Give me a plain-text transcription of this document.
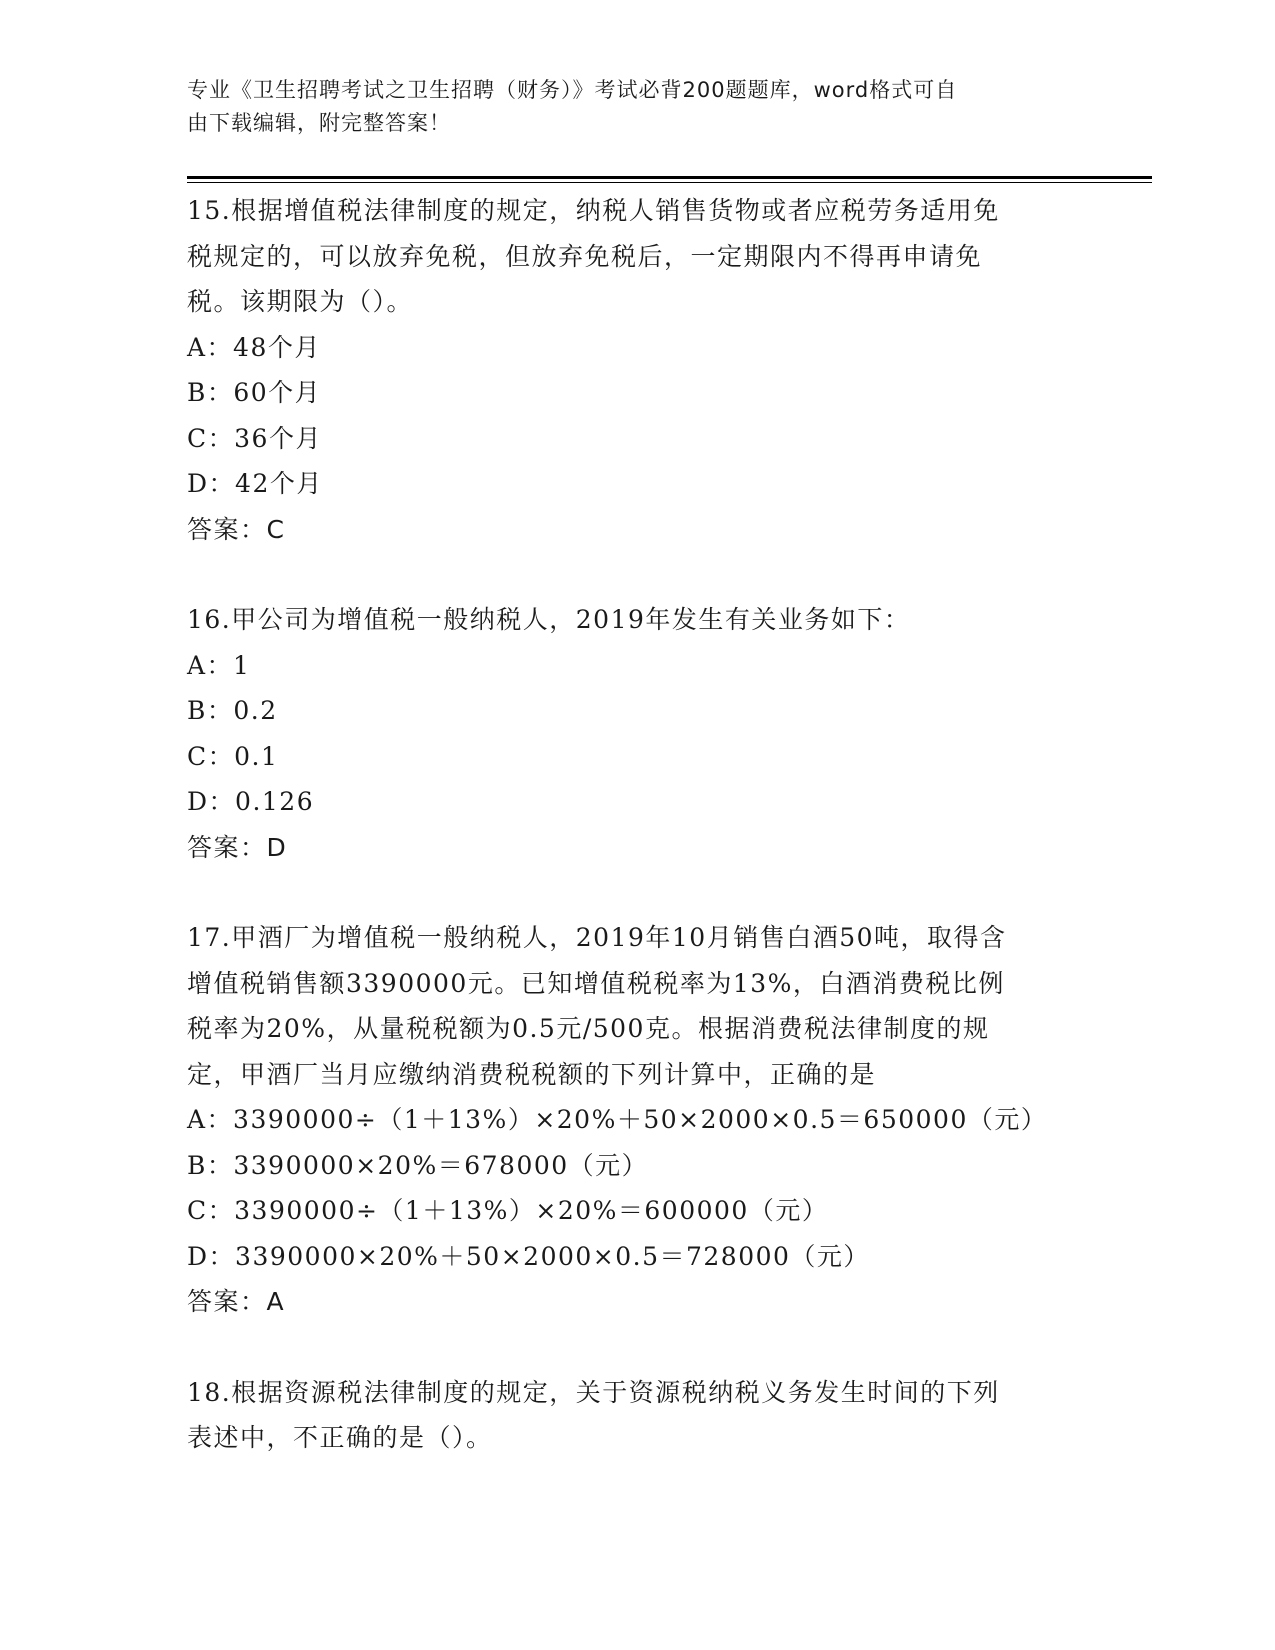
专业《卫生招聘考试之卫生招聘（财务）》考试必背200题题库，word格式可自
由下载编辑，附完整答案！

15.根据增值税法律制度的规定，纳税人销售货物或者应税劳务适用免

税规定的，可以放弃免税，但放弃免税后，一定期限内不得再申请免

税。该期限为（）。

A：48个月

B：60个月

C：36个月

D：42个月

答案：C

16.甲公司为增值税一般纳税人，2019年发生有关业务如下：

A：1

B：0.2

C：0.1

D：0.126

答案：D

17.甲酒厂为增值税一般纳税人，2019年10月销售白酒50吨，取得含

增值税销售额3390000元。已知增值税税率为13%，白酒消费税比例

税率为20%，从量税税额为0.5元/500克。根据消费税法律制度的规

定，甲酒厂当月应缴纳消费税税额的下列计算中，正确的是

A：3390000÷（1＋13%）×20%＋50×2000×0.5＝650000（元）

B：3390000×20%＝678000（元）

C：3390000÷（1＋13%）×20%＝600000（元）

D：3390000×20%＋50×2000×0.5＝728000（元）

答案：A

18.根据资源税法律制度的规定，关于资源税纳税义务发生时间的下列

表述中，不正确的是（）。
